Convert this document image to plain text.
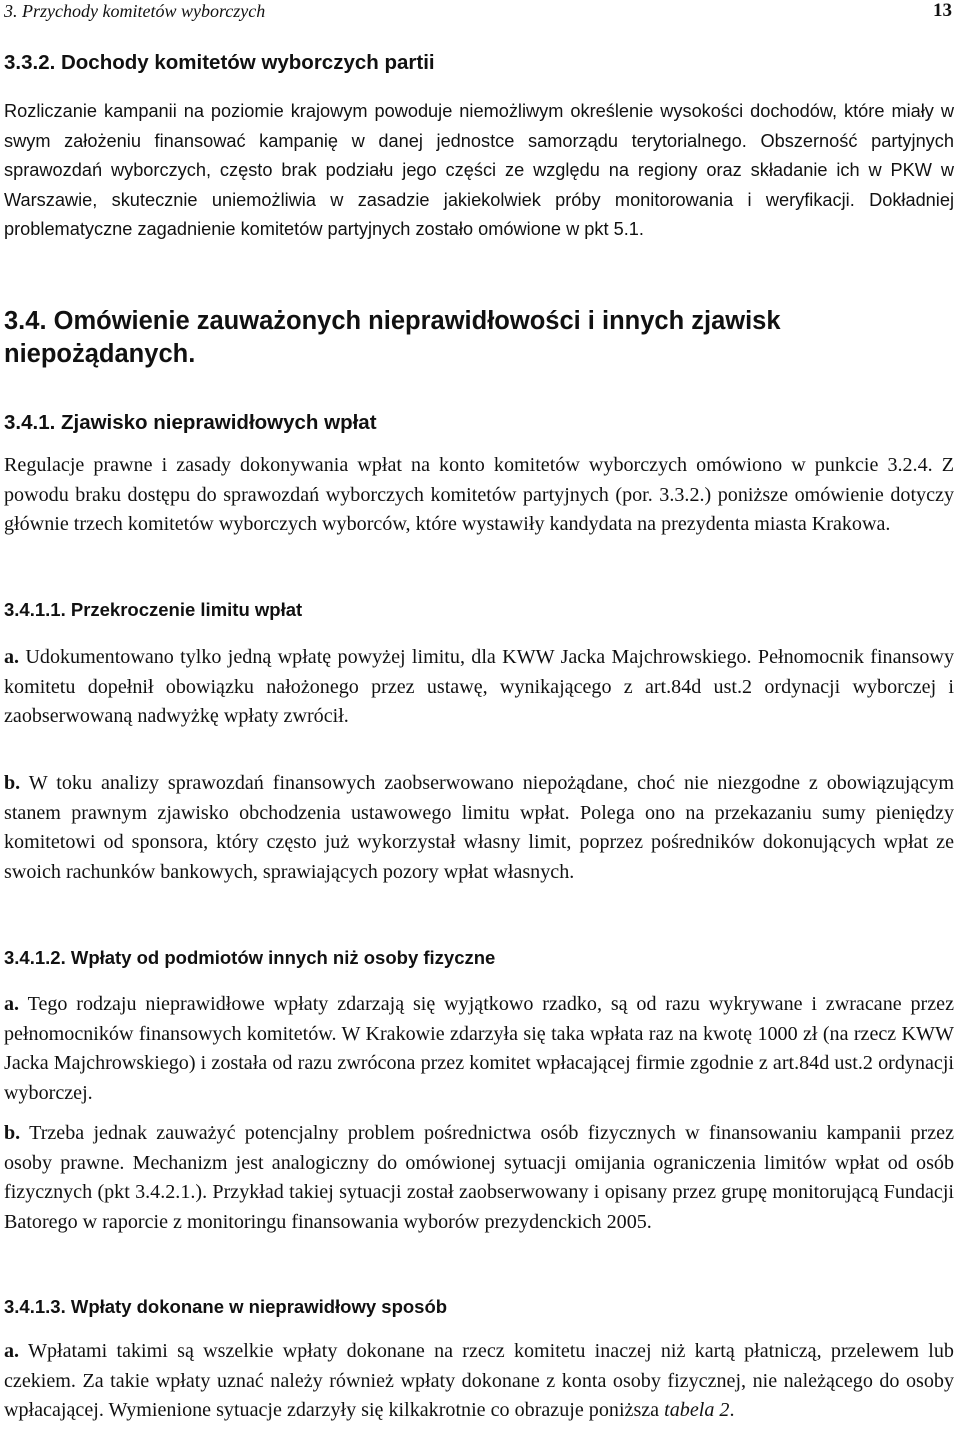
3. Przychody komitetów wyborczych	13
3.3.2. Dochody komitetów wyborczych partii

Rozliczanie kampanii na poziomie krajowym powoduje niemożliwym określenie wysokości dochodów, które miały w swym założeniu finansować kampanię w danej jednostce samorządu terytorialnego. Obszerność partyjnych sprawozdań wyborczych, często brak podziału jego części ze względu na regiony oraz składanie ich w PKW w Warszawie, skutecznie uniemożliwia w zasadzie jakiekolwiek próby monitorowania i weryfikacji. Dokładniej problematyczne zagadnienie komitetów partyjnych zostało omówione w pkt 5.1.

3.4. Omówienie zauważonych nieprawidłowości i innych zjawisk niepożądanych.
3.4.1. Zjawisko nieprawidłowych wpłat

Regulacje prawne i zasady dokonywania wpłat na konto komitetów wyborczych omówiono w punkcie 3.2.4. Z powodu braku dostępu do sprawozdań wyborczych komitetów partyjnych (por. 3.3.2.) poniższe omówienie dotyczy głównie trzech komitetów wyborczych wyborców, które wystawiły kandydata na prezydenta miasta Krakowa.

3.4.1.1. Przekroczenie limitu wpłat

a. Udokumentowano tylko jedną wpłatę powyżej limitu, dla KWW Jacka Majchrowskiego. Pełnomocnik finansowy komitetu dopełnił obowiązku nałożonego przez ustawę, wynikającego z art.84d ust.2 ordynacji wyborczej i zaobserwowaną nadwyżkę wpłaty zwrócił.

b. W toku analizy sprawozdań finansowych zaobserwowano niepożądane, choć nie niezgodne z obowiązującym stanem prawnym zjawisko obchodzenia ustawowego limitu wpłat. Polega ono na przekazaniu sumy pieniędzy komitetowi od sponsora, który często już wykorzystał własny limit, poprzez pośredników dokonujących wpłat ze swoich rachunków bankowych, sprawiających pozory wpłat własnych.

3.4.1.2. Wpłaty od podmiotów innych niż osoby fizyczne

a. Tego rodzaju nieprawidłowe wpłaty zdarzają się wyjątkowo rzadko, są od razu wykrywane i zwracane przez pełnomocników finansowych komitetów. W Krakowie zdarzyła się taka wpłata raz na kwotę 1000 zł (na rzecz KWW Jacka Majchrowskiego) i została od razu zwrócona przez komitet wpłacającej firmie zgodnie z art.84d ust.2 ordynacji wyborczej.

b. Trzeba jednak zauważyć potencjalny problem pośrednictwa osób fizycznych w finansowaniu kampanii przez osoby prawne. Mechanizm jest analogiczny do omówionej sytuacji omijania ograniczenia limitów wpłat od osób fizycznych (pkt 3.4.2.1.). Przykład takiej sytuacji został zaobserwowany i opisany przez grupę monitorującą Fundacji Batorego w raporcie z monitoringu finansowania wyborów prezydenckich 2005.

3.4.1.3. Wpłaty dokonane w nieprawidłowy sposób

a. Wpłatami takimi są wszelkie wpłaty dokonane na rzecz komitetu inaczej niż kartą płatniczą, przelewem lub czekiem. Za takie wpłaty uznać należy również wpłaty dokonane z konta osoby fizycznej, nie należącego do osoby wpłacającej. Wymienione sytuacje zdarzyły się kilkakrotnie co obrazuje poniższa tabela 2.
